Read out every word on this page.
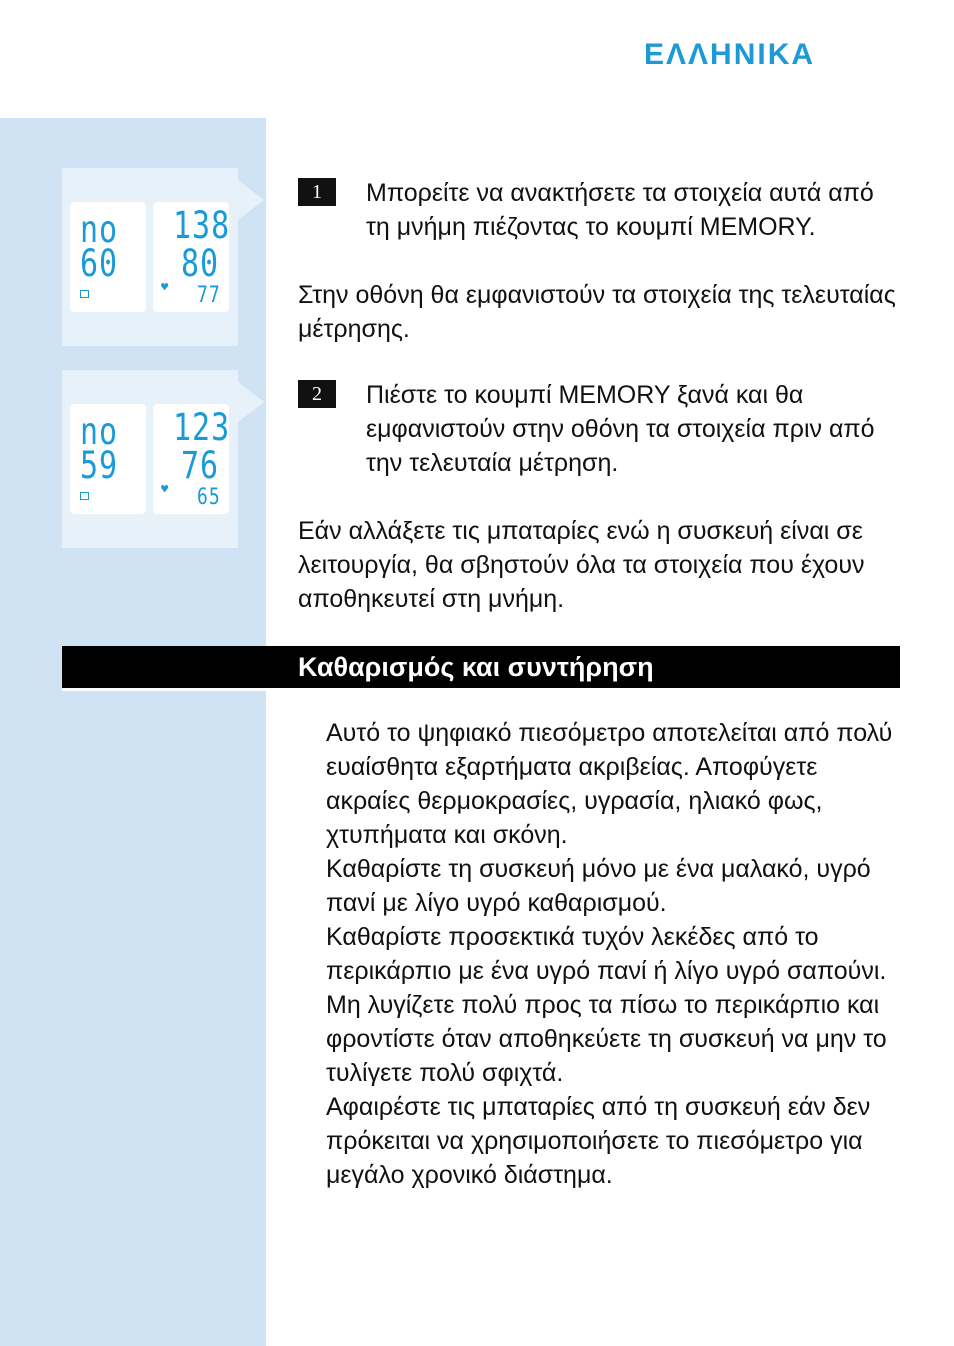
ΕΛΛΗΝΙΚΑ
no
60
138
80
♥ 77
no
59
123
76
♥ 65
1	Μπορείτε να ανακτήσετε τα στοιχεία αυτά από τη μνήμη πιέζοντας το κουμπί MEMORY.
Στην οθόνη θα εμφανιστούν τα στοιχεία της τελευταίας μέτρησης.
2	Πιέστε το κουμπί MEMORY ξανά και θα εμφανιστούν στην οθόνη τα στοιχεία πριν από την τελευταία μέτρηση.
Εάν αλλάξετε τις μπαταρίες ενώ η συσκευή είναι σε λειτουργία, θα σβηστούν όλα τα στοιχεία που έχουν αποθηκευτεί στη μνήμη.
Καθαρισμός και συντήρηση

Αυτό το ψηφιακό πιεσόμετρο αποτελείται από πολύ ευαίσθητα εξαρτήματα ακριβείας. Αποφύγετε ακραίες θερμοκρασίες, υγρασία, ηλιακό φως, χτυπήματα και σκόνη.

Καθαρίστε τη συσκευή μόνο με ένα μαλακό, υγρό πανί με λίγο υγρό καθαρισμού.

Καθαρίστε προσεκτικά τυχόν λεκέδες από το περικάρπιο με ένα υγρό πανί ή λίγο υγρό σαπούνι.

Μη λυγίζετε πολύ προς τα πίσω το περικάρπιο και φροντίστε όταν αποθηκεύετε τη συσκευή να μην το τυλίγετε πολύ σφιχτά.

Αφαιρέστε τις μπαταρίες από τη συσκευή εάν δεν πρόκειται να χρησιμοποιήσετε το πιεσόμετρο για μεγάλο χρονικό διάστημα.
